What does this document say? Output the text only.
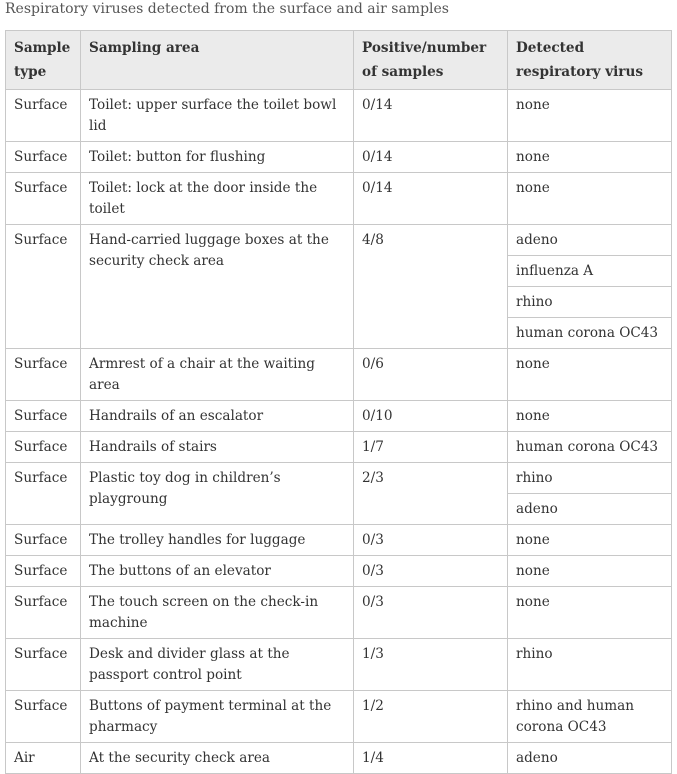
Respiratory viruses detected from the surface and air samples
Sample type	Sampling area	Positive/number of samples	Detected respiratory virus
Surface	Toilet: upper surface the toilet bowl lid	0/14	none
Surface	Toilet: button for flushing	0/14	none
Surface	Toilet: lock at the door inside the toilet	0/14	none
Surface	Hand-carried luggage boxes at the security check area	4/8	adeno
			influenza A
			rhino
			human corona OC43
Surface	Armrest of a chair at the waiting area	0/6	none
Surface	Handrails of an escalator	0/10	none
Surface	Handrails of stairs	1/7	human corona OC43
Surface	Plastic toy dog in children’s playgroung	2/3	rhino
			adeno
Surface	The trolley handles for luggage	0/3	none
Surface	The buttons of an elevator	0/3	none
Surface	The touch screen on the check-in machine	0/3	none
Surface	Desk and divider glass at the passport control point	1/3	rhino
Surface	Buttons of payment terminal at the pharmacy	1/2	rhino and human corona OC43
Air	At the security check area	1/4	adeno
